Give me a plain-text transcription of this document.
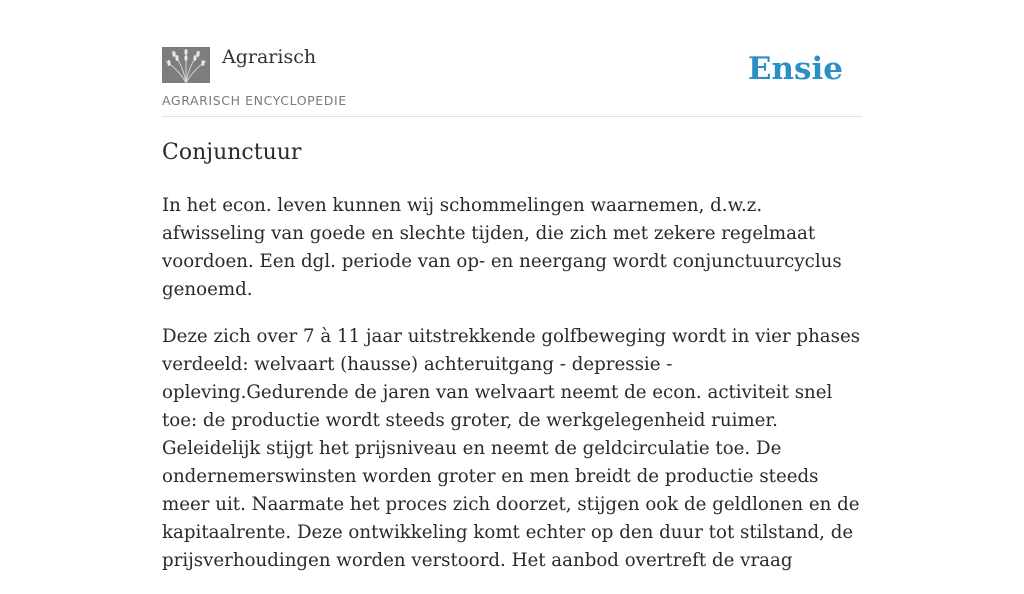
Agrarisch
AGRARISCH ENCYCLOPEDIE
Ensie
Conjunctuur

In het econ. leven kunnen wij schommelingen waarnemen, d.w.z. afwisseling van goede en slechte tijden, die zich met zekere regelmaat voordoen. Een dgl. periode van op- en neergang wordt conjunctuurcyclus genoemd.

Deze zich over 7 à 11 jaar uitstrekkende golfbeweging wordt in vier phases verdeeld: welvaart (hausse) achteruitgang - depressie - opleving.Gedurende de jaren van welvaart neemt de econ. activiteit snel toe: de productie wordt steeds groter, de werkgelegenheid ruimer. Geleidelijk stijgt het prijsniveau en neemt de geldcirculatie toe. De ondernemerswinsten worden groter en men breidt de productie steeds meer uit. Naarmate het proces zich doorzet, stijgen ook de geldlonen en de kapitaalrente. Deze ontwikkeling komt echter op den duur tot stilstand, de prijsverhoudingen worden verstoord. Het aanbod overtreft de vraag
